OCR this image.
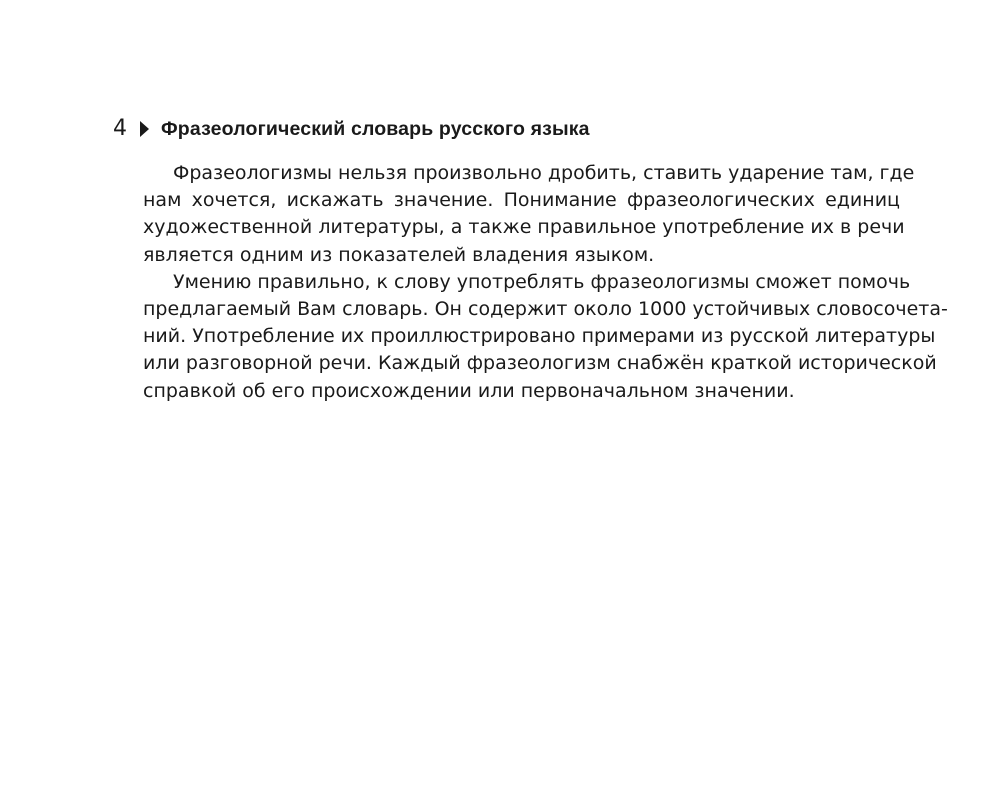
4 Фразеологический словарь русского языка

Фразеологизмы нельзя произвольно дробить, ставить ударение там, где
нам хочется, искажать значение. Понимание фразеологических единиц
художественной литературы, а также правильное употребление их в речи
является одним из показателей владения языком.

Умению правильно, к слову употреблять фразеологизмы сможет помочь
предлагаемый Вам словарь. Он содержит около 1000 устойчивых словосочета-
ний. Употребление их проиллюстрировано примерами из русской литературы
или разговорной речи. Каждый фразеологизм снабжён краткой исторической
справкой об его происхождении или первоначальном значении.
